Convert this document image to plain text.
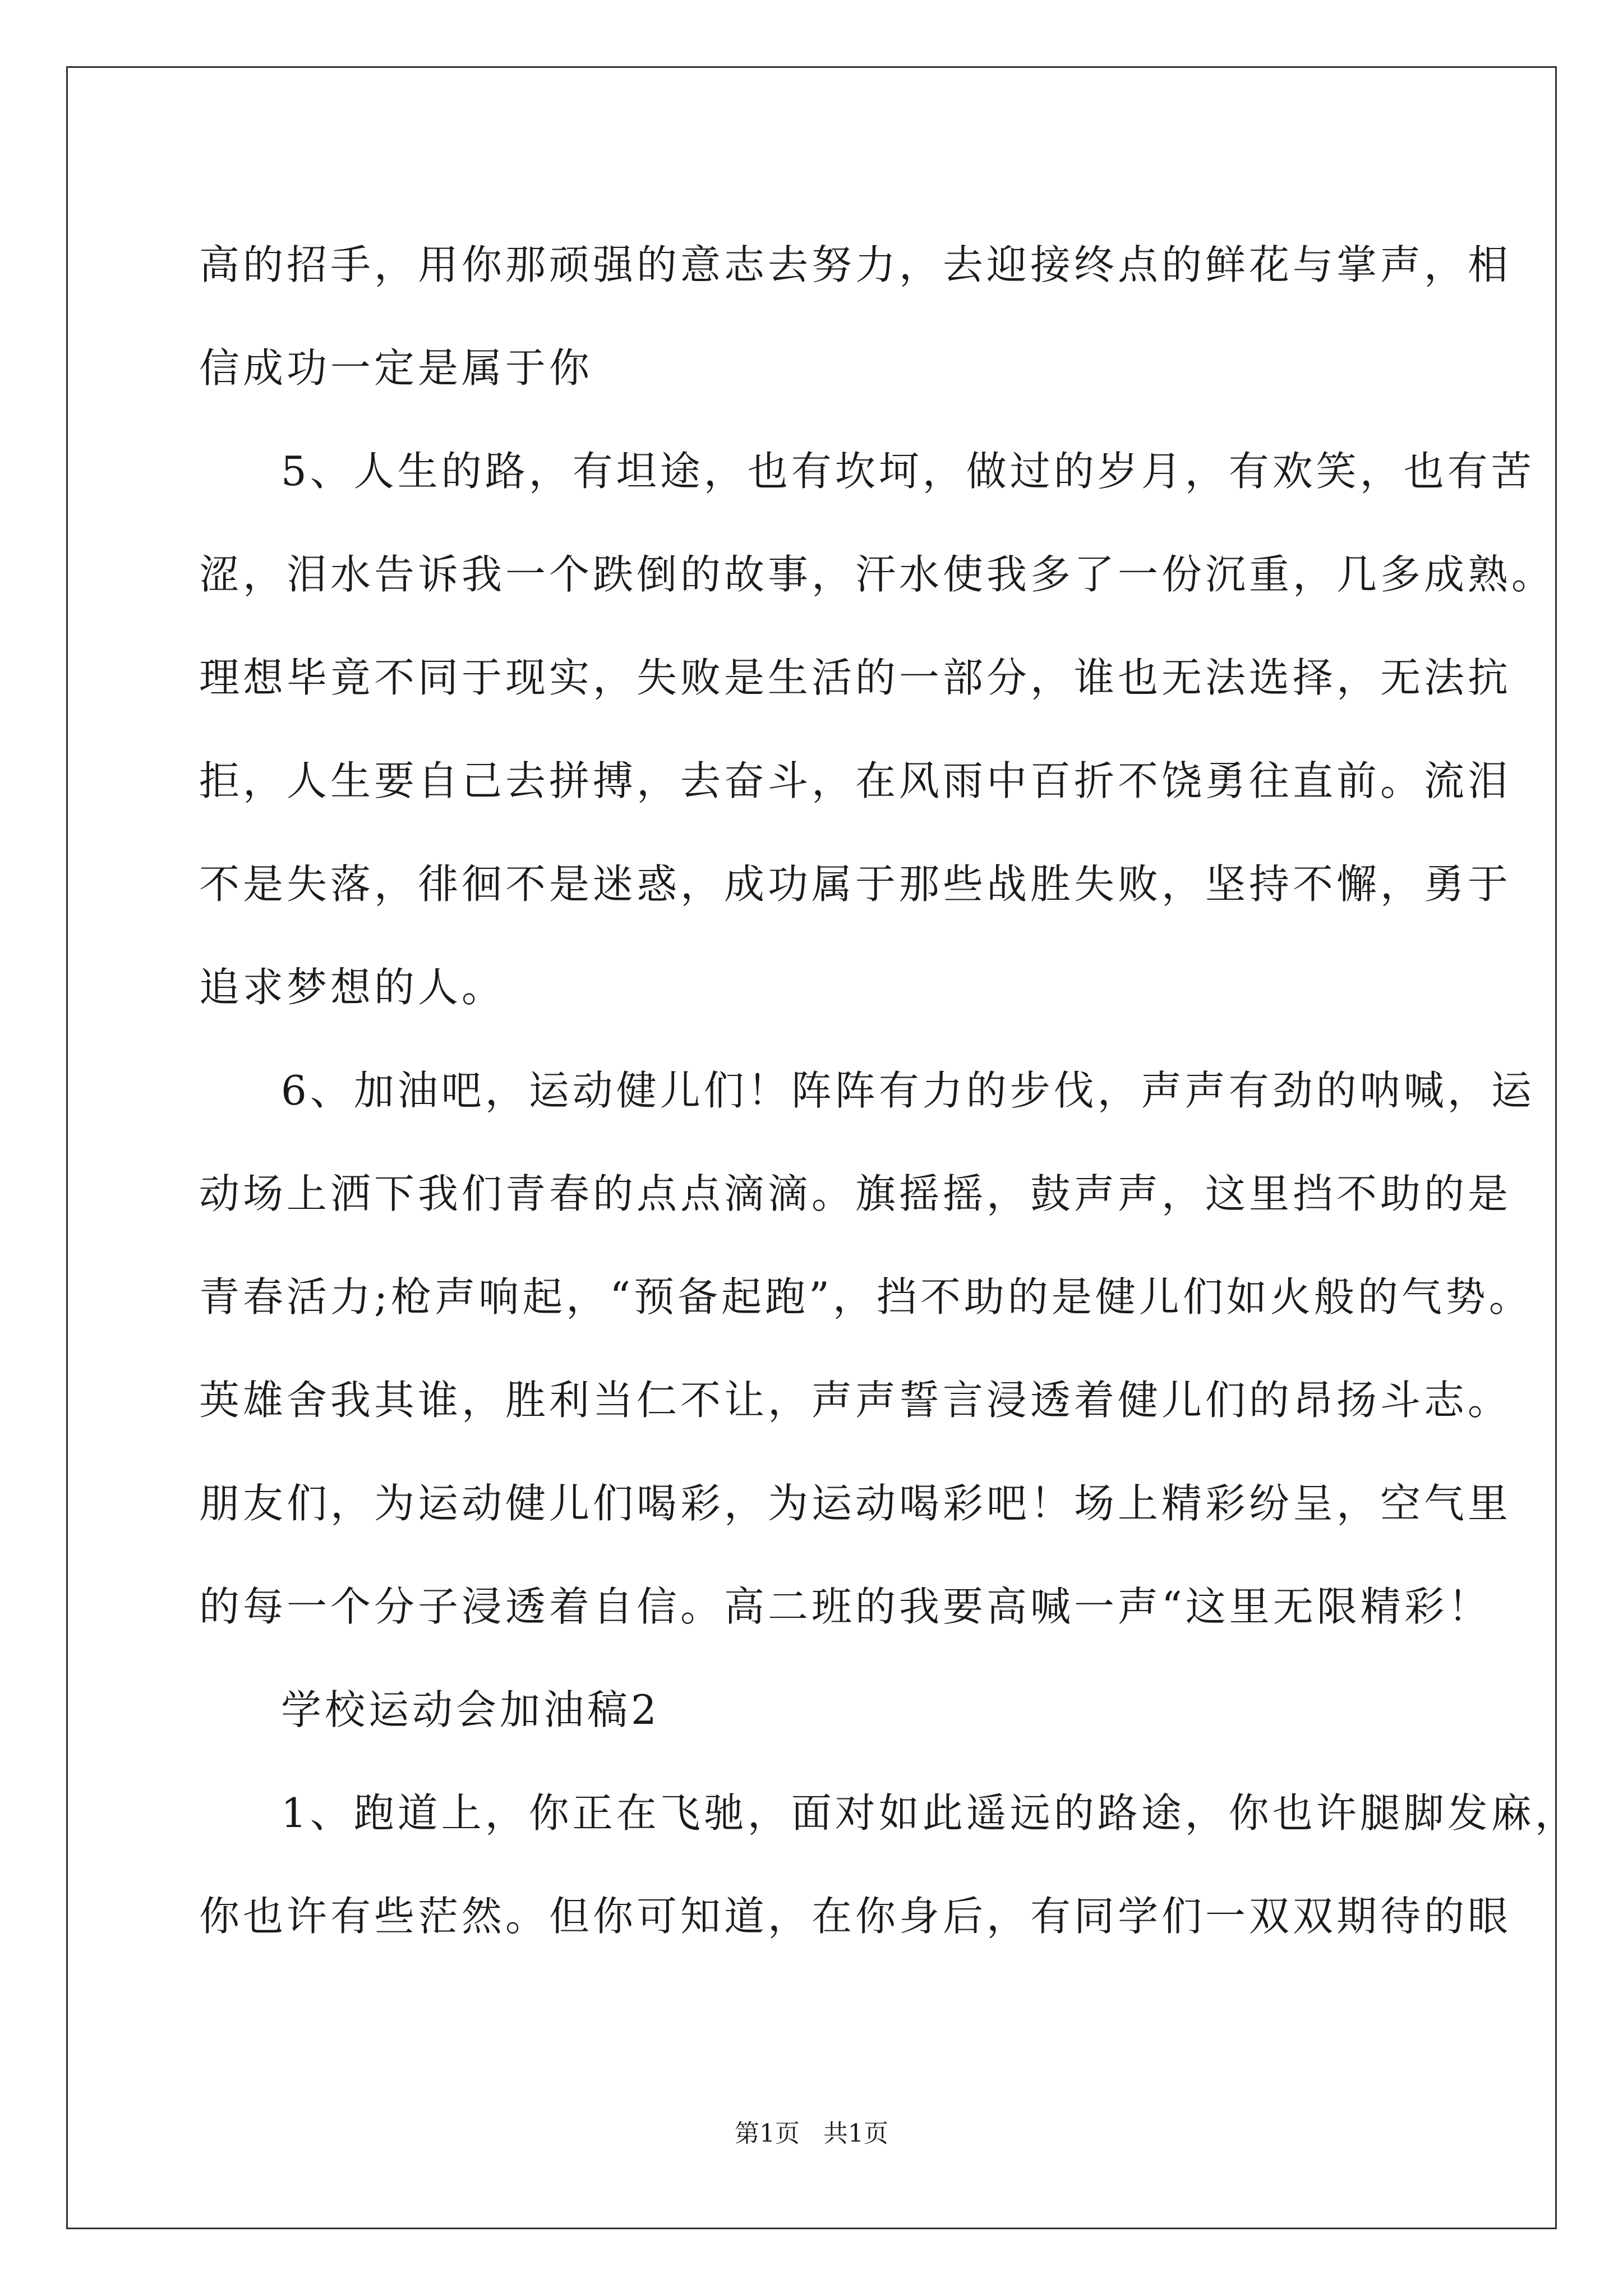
高的招手，用你那顽强的意志去努力，去迎接终点的鲜花与掌声，相
信成功一定是属于你
5、人生的路，有坦途，也有坎坷，做过的岁月，有欢笑，也有苦
涩，泪水告诉我一个跌倒的故事，汗水使我多了一份沉重，几多成熟。
理想毕竟不同于现实，失败是生活的一部分，谁也无法选择，无法抗
拒，人生要自己去拼搏，去奋斗，在风雨中百折不饶勇往直前。流泪
不是失落，徘徊不是迷惑，成功属于那些战胜失败，坚持不懈，勇于
追求梦想的人。
6、加油吧，运动健儿们！阵阵有力的步伐，声声有劲的呐喊，运
动场上洒下我们青春的点点滴滴。旗摇摇，鼓声声，这里挡不助的是
青春活力;枪声响起，“预备起跑”，挡不助的是健儿们如火般的气势。
英雄舍我其谁，胜利当仁不让，声声誓言浸透着健儿们的昂扬斗志。
朋友们，为运动健儿们喝彩，为运动喝彩吧！场上精彩纷呈，空气里
的每一个分子浸透着自信。高二班的我要高喊一声“这里无限精彩！
学校运动会加油稿2
1、跑道上，你正在飞驰，面对如此遥远的路途，你也许腿脚发麻，
你也许有些茫然。但你可知道，在你身后，有同学们一双双期待的眼
第1页 共1页
